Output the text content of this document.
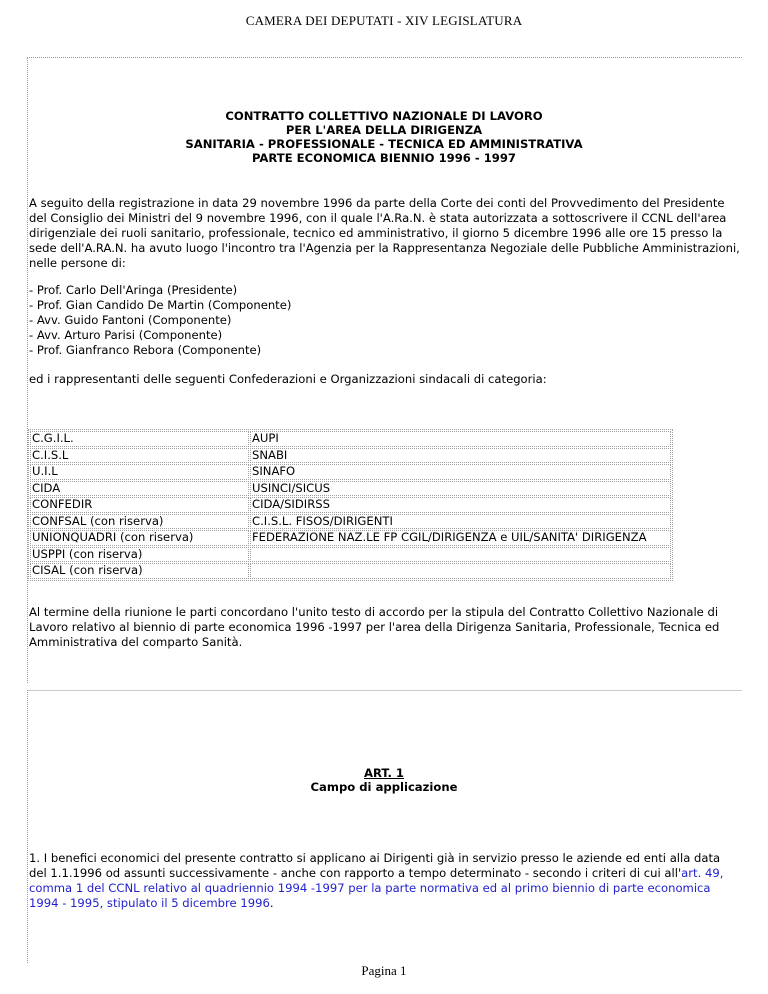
CAMERA DEI DEPUTATI - XIV LEGISLATURA
CONTRATTO COLLETTIVO NAZIONALE DI LAVORO
PER L'AREA DELLA DIRIGENZA
SANITARIA - PROFESSIONALE - TECNICA ED AMMINISTRATIVA
PARTE ECONOMICA BIENNIO 1996 - 1997

A seguito della registrazione in data 29 novembre 1996 da parte della Corte dei conti del Provvedimento del Presidente del Consiglio dei Ministri del 9 novembre 1996, con il quale l'A.Ra.N. è stata autorizzata a sottoscrivere il CCNL dell'area dirigenziale dei ruoli sanitario, professionale, tecnico ed amministrativo, il giorno 5 dicembre 1996 alle ore 15 presso la sede dell'A.RA.N. ha avuto luogo l'incontro tra l'Agenzia per la Rappresentanza Negoziale delle Pubbliche Amministrazioni, nelle persone di:

- Prof. Carlo Dell'Aringa (Presidente)
- Prof. Gian Candido De Martin (Componente)
- Avv. Guido Fantoni (Componente)
- Avv. Arturo Parisi (Componente)
- Prof. Gianfranco Rebora (Componente)

ed i rappresentanti delle seguenti Confederazioni e Organizzazioni sindacali di categoria:

C.G.I.L.	AUPI
C.I.S.L	SNABI
U.I.L	SINAFO
CIDA	USINCI/SICUS
CONFEDIR	CIDA/SIDIRSS
CONFSAL (con riserva)	C.I.S.L. FISOS/DIRIGENTI
UNIONQUADRI (con riserva)	FEDERAZIONE NAZ.LE FP CGIL/DIRIGENZA e UIL/SANITA' DIRIGENZA
USPPI (con riserva)	
CISAL (con riserva)	

Al termine della riunione le parti concordano l'unito testo di accordo per la stipula del Contratto Collettivo Nazionale di Lavoro relativo al biennio di parte economica 1996 -1997 per l'area della Dirigenza Sanitaria, Professionale, Tecnica ed Amministrativa del comparto Sanità.

ART. 1
Campo di applicazione

1. I benefici economici del presente contratto si applicano ai Dirigenti già in servizio presso le aziende ed enti alla data del 1.1.1996 od assunti successivamente - anche con rapporto a tempo determinato - secondo i criteri di cui all'art. 49, comma 1 del CCNL relativo al quadriennio 1994 -1997 per la parte normativa ed al primo biennio di parte economica 1994 - 1995, stipulato il 5 dicembre 1996.

Pagina 1
